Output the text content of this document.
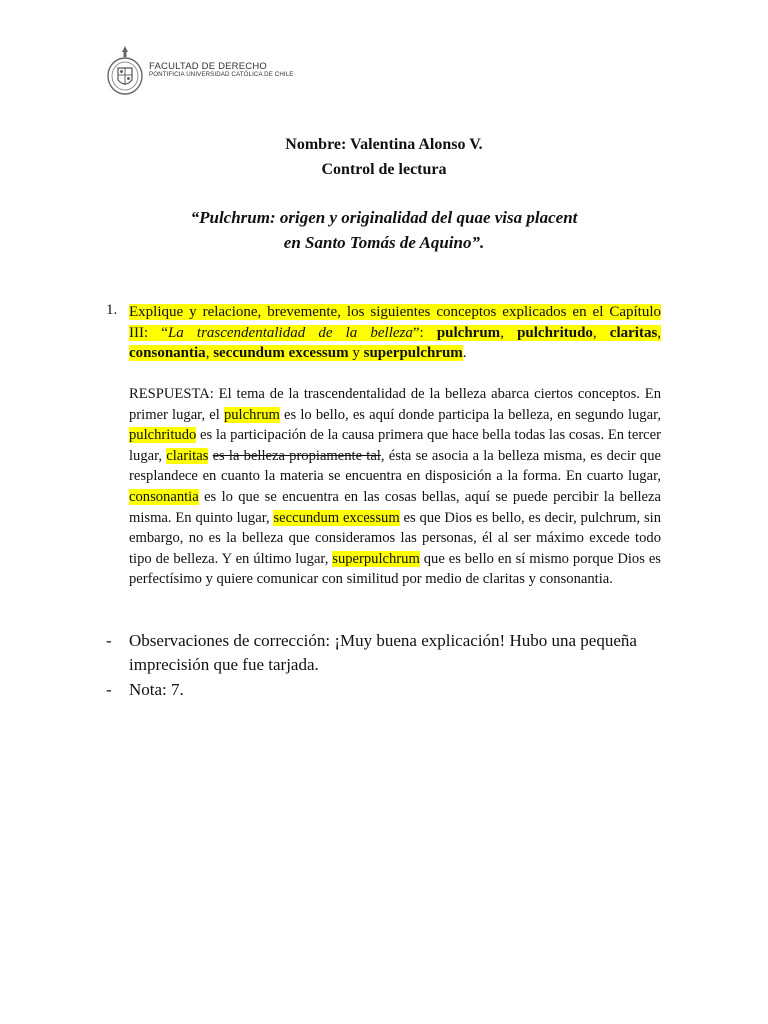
FACULTAD DE DERECHO
PONTIFICIA UNIVERSIDAD CATÓLICA DE CHILE
Nombre: Valentina Alonso V.
Control de lectura
“Pulchrum: origen y originalidad del quae visa placent
en Santo Tomás de Aquino”.
1. Explique y relacione, brevemente, los siguientes conceptos explicados en el Capítulo III: “La trascendentalidad de la belleza”: pulchrum, pulchritudo, claritas, consonantia, seccundum excessum y superpulchrum.
RESPUESTA: El tema de la trascendentalidad de la belleza abarca ciertos conceptos. En primer lugar, el pulchrum es lo bello, es aquí donde participa la belleza, en segundo lugar, pulchritudo es la participación de la causa primera que hace bella todas las cosas. En tercer lugar, claritas es la belleza propiamente tal, ésta se asocia a la belleza misma, es decir que resplandece en cuanto la materia se encuentra en disposición a la forma. En cuarto lugar, consonantia es lo que se encuentra en las cosas bellas, aquí se puede percibir la belleza misma. En quinto lugar, seccundum excessum es que Dios es bello, es decir, pulchrum, sin embargo, no es la belleza que consideramos las personas, él al ser máximo excede todo tipo de belleza. Y en último lugar, superpulchrum que es bello en sí mismo porque Dios es perfectísimo y quiere comunicar con similitud por medio de claritas y consonantia.
- Observaciones de corrección: ¡Muy buena explicación! Hubo una pequeña imprecisión que fue tarjada.
- Nota: 7.
